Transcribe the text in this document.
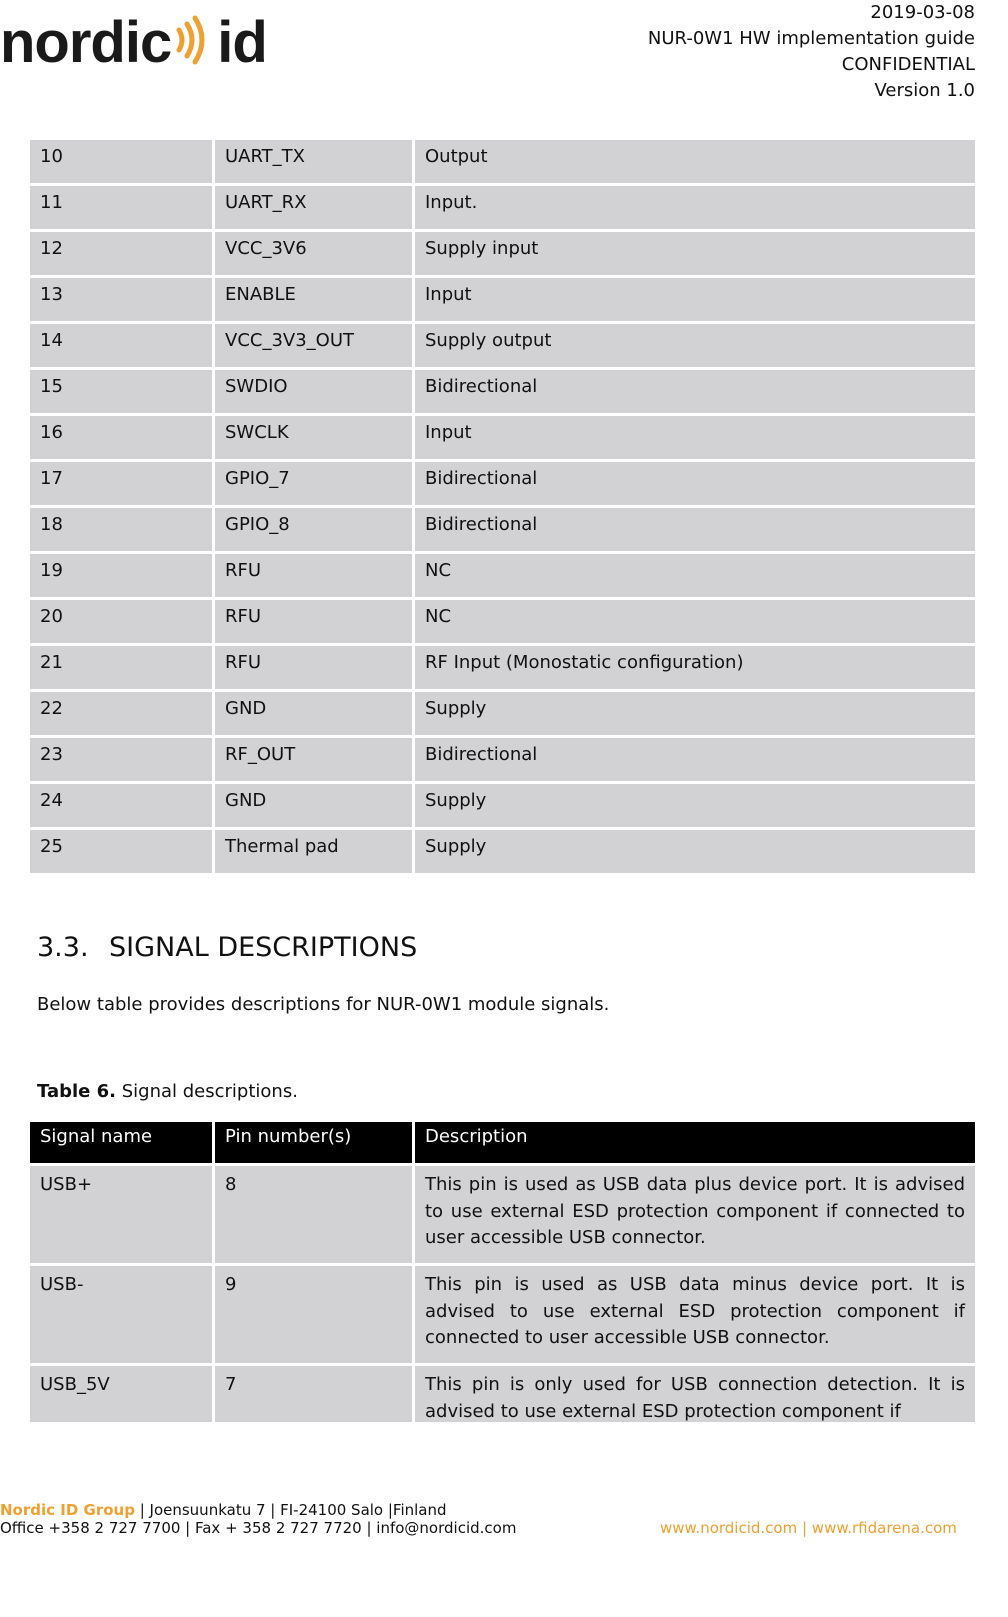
nordic id	2019-03-08
NUR-0W1 HW implementation guide
CONFIDENTIAL
Version 1.0
10	UART_TX	Output
11	UART_RX	Input.
12	VCC_3V6	Supply input
13	ENABLE	Input
14	VCC_3V3_OUT	Supply output
15	SWDIO	Bidirectional
16	SWCLK	Input
17	GPIO_7	Bidirectional
18	GPIO_8	Bidirectional
19	RFU	NC
20	RFU	NC
21	RFU	RF Input (Monostatic configuration)
22	GND	Supply
23	RF_OUT	Bidirectional
24	GND	Supply
25	Thermal pad	Supply
3.3. SIGNAL DESCRIPTIONS

Below table provides descriptions for NUR-0W1 module signals.

Table 6. Signal descriptions.

Signal name	Pin number(s)	Description
USB+	8	This pin is used as USB data plus device port. It is advised to use external ESD protection component if connected to user accessible USB connector.
USB-	9	This pin is used as USB data minus device port. It is advised to use external ESD protection component if connected to user accessible USB connector.
USB_5V	7	This pin is only used for USB connection detection. It is advised to use external ESD protection component if
Nordic ID Group | Joensuunkatu 7 | FI-24100 Salo |Finland
Office +358 2 727 7700 | Fax + 358 2 727 7720 | info@nordicid.com	www.nordicid.com | www.rfidarena.com
